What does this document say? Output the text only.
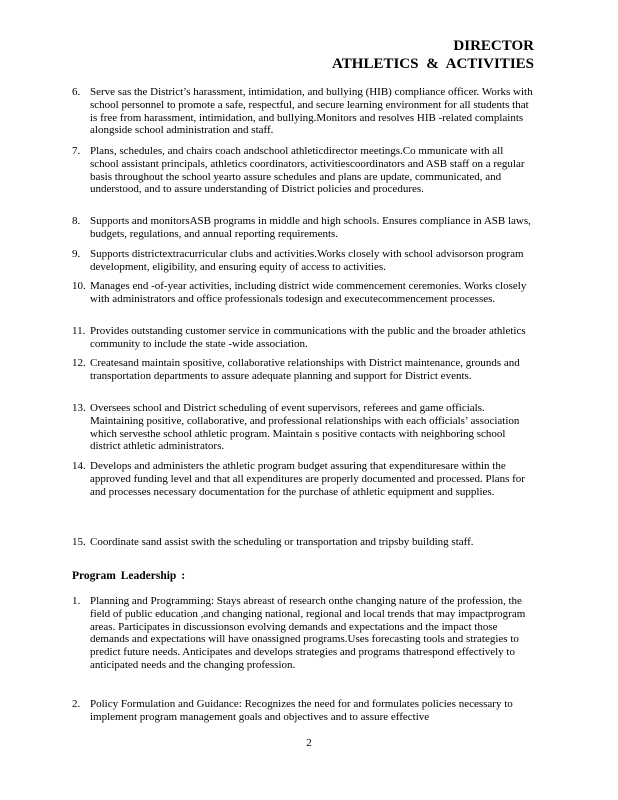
DIRECTOR
ATHLETICS & ACTIVITIES
6. Serve sas the District’s harassment, intimidation, and bullying (HIB) compliance officer. Works with school personnel to promote a safe, respectful, and secure learning environment for all students that is free from harassment, intimidation, and bullying.Monitors and resolves HIB -related complaints alongside school administration and staff.
7. Plans, schedules, and chairs coach andschool athleticdirector meetings.Co mmunicate with all school assistant principals, athletics coordinators, activitiescoordinators and ASB staff on a regular basis throughout the school yearto assure schedules and plans are update, communicated, and understood, and to assure understanding of District policies and procedures.
8. Supports and monitorsASB programs in middle and high schools. Ensures compliance in ASB laws, budgets, regulations, and annual reporting requirements.
9. Supports districtextracurricular clubs and activities.Works closely with school advisorson program development, eligibility, and ensuring equity of access to activities.
10. Manages end -of-year activities, including district wide commencement ceremonies. Works closely with administrators and office professionals todesign and executecommencement processes.
11. Provides outstanding customer service in communications with the public and the broader athletics community to include the state -wide association.
12. Createsand maintain spositive, collaborative relationships with District maintenance, grounds and transportation departments to assure adequate planning and support for District events.
13. Oversees school and District scheduling of event supervisors, referees and game officials. Maintaining positive, collaborative, and professional relationships with each officials’ association which servesthe school athletic program. Maintain s positive contacts with neighboring school district athletic administrators.
14. Develops and administers the athletic program budget assuring that expendituresare within the approved funding level and that all expenditures are properly documented and processed. Plans for and processes necessary documentation for the purchase of athletic equipment and supplies.
15. Coordinate sand assist swith the scheduling or transportation and tripsby building staff.
Program Leadership :
1. Planning and Programming: Stays abreast of research onthe changing nature of the profession, the field of public education ,and changing national, regional and local trends that may impactprogram areas. Participates in discussionson evolving demands and expectations and the impact those demands and expectations will have onassigned programs.Uses forecasting tools and strategies to predict future needs. Anticipates and develops strategies and programs thatrespond effectively to anticipated needs and the changing profession.
2. Policy Formulation and Guidance: Recognizes the need for and formulates policies necessary to implement program management goals and objectives and to assure effective
2
